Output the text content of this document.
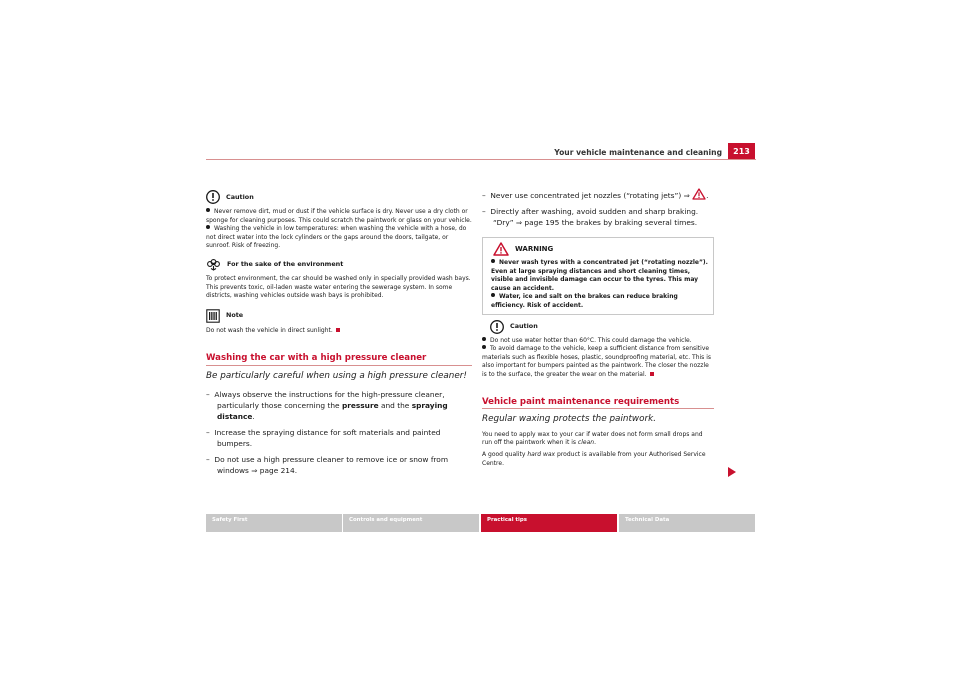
Your vehicle maintenance and cleaning	213
Caution

Never remove dirt, mud or dust if the vehicle surface is dry. Never use a dry cloth or sponge for cleaning purposes. This could scratch the paintwork or glass on your vehicle.

Washing the vehicle in low temperatures: when washing the vehicle with a hose, do not direct water into the lock cylinders or the gaps around the doors, tailgate, or sunroof. Risk of freezing.

For the sake of the environment

To protect environment, the car should be washed only in specially provided wash bays. This prevents toxic, oil-laden waste water entering the sewerage system. In some districts, washing vehicles outside wash bays is prohibited.

Note

Do not wash the vehicle in direct sunlight.

Washing the car with a high pressure cleaner
Be particularly careful when using a high pressure cleaner!
–  Always observe the instructions for the high-pressure cleaner, particularly those concerning the pressure and the spraying distance.
–  Increase the spraying distance for soft materials and painted bumpers.
–  Do not use a high pressure cleaner to remove ice or snow from windows ⇒ page 214.
–  Never use concentrated jet nozzles (“rotating jets”) ⇒ .
–  Directly after washing, avoid sudden and sharp braking. “Dry” ⇒ page 195 the brakes by braking several times.
WARNING

Never wash tyres with a concentrated jet (“rotating nozzle”). Even at large spraying distances and short cleaning times, visible and invisible damage can occur to the tyres. This may cause an accident.

Water, ice and salt on the brakes can reduce braking efficiency. Risk of accident.

Caution

Do not use water hotter than 60°C. This could damage the vehicle.

To avoid damage to the vehicle, keep a sufficient distance from sensitive materials such as flexible hoses, plastic, soundproofing material, etc. This is also important for bumpers painted as the paintwork. The closer the nozzle is to the surface, the greater the wear on the material.

Vehicle paint maintenance requirements
Regular waxing protects the paintwork.

You need to apply wax to your car if water does not form small drops and run off the paintwork when it is clean.

A good quality hard wax product is available from your Authorised Service Centre.

Safety First	Controls and equipment	Practical tips	Technical Data
